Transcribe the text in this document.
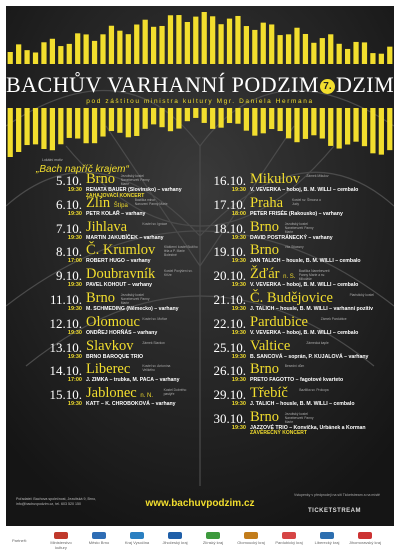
BACHŮV VARHANNÍ PODZIM 7. DZIM
pod záštitou ministra kultury Mgr. Daniela Hermana
Lokální motiv
„Bach napříč krajem“
5.10.
19:30
Brno Jezuitský kostel Nanebevzetí Panny Marie
RENATA BAUER (Slovinsko) – varhany
ZAHAJOVACÍ KONCERT
6.10.
19:30
Zlín Štípa
Bazilika minor Narození Panny Marie
PETR KOLAŘ – varhany
7.10.
19:30
Jihlava	Kostel sv. Ignáce
MARTIN JAKUBÍČEK – varhany
8.10.
17:00
Č. Krumlov	Klášterní kostel Božího těla a P. Marie Bolestné
ROBERT HUGO – varhany
9.10.
19:30
Doubravník	Kostel Povýšení sv. Kříže
PAVEL KOHOUT – varhany
11.10.
19:30
Brno Jezuitský kostel Nanebevzetí Panny Marie
M. SCHMEDING (Německo) – varhany
12.10.
19:30
Olomouc Kostel sv. Mořice
ONDŘEJ HORŇÁS – varhany
13.10.
19:30
Slavkov	Zámek Slavkov
BRNO BAROQUE TRIO
14.10.
17:00
Liberec	Kostel sv. Antonína Velikého
J. ZIMKA – trubka, M. PACA – varhany
15.10.
19:30
Jablonec n. N.
Kostel Dobrého pastýře
KATT – K. CHROBOKOVÁ – varhany
16.10.
19:30
Mikulov Zámek Mikulov
V. VEVERKA – hoboj, B. M. WILLI – cembalo
17.10.
18:00
Praha	Kostel sv. Šimona a Judy
PETER FRISÉE (Rakousko) – varhany
18.10.
19:30
Brno Jezuitský kostel Nanebevzetí Panny Marie
DAVID POSTRÁNECKÝ – varhany
19.10.
19:30
Brno Vila Stiassny
JAN TALICH – housle, B. M. WILLI – cembalo
20.10.
19:30
Žďár n. S.
Bazilika Nanebevzetí Panny Marie a sv. Mikuláše
V. VEVERKA – hoboj, B. M. WILLI – cembalo
21.10.
19:30
Č. Budějovice	Piaristický kostel
J. TALICH – housle, B. M. WILLI – varhanní pozitiv
22.10.
19:30
Pardubice	Zámek Pardubice
V. VEVERKA – hoboj, B. M. WILLI – cembalo
25.10.
19:30
Valtice	Zámecká kaple
B. SANCOVÁ – soprán, P. KUJALOVÁ – varhany
26.10.
19:30
Brno Besední dům
PRETO FAGOTTO – fagotové kvarteto
29.10.
19:30
Třebíč	Bazilika sv. Prokopa
J. TALICH – housle, B. M. WILLI – cembalo
30.10.
19:30
Brno Jezuitský kostel Nanebevzetí Panny Marie
JAZZOVÉ TRIO – Konvička, Urbánek a Korman
ZÁVĚREČNÝ KONCERT
Pořadatel: Bachova společnost, Jezuitská 9, Brno, info@bachuvpodzim.cz, tel. 603 520 150	www.bachuvpodzim.cz
Vstupenky v předprodeji na síti Ticketstream a na místě
TICKETSTREAM
Partneři:	Ministerstvo kultury
Město Brno	Kraj Vysočina	Jihočeský kraj	Zlínský kraj	Olomoucký kraj	Pardubický kraj	Liberecký kraj	Jihomoravský kraj
